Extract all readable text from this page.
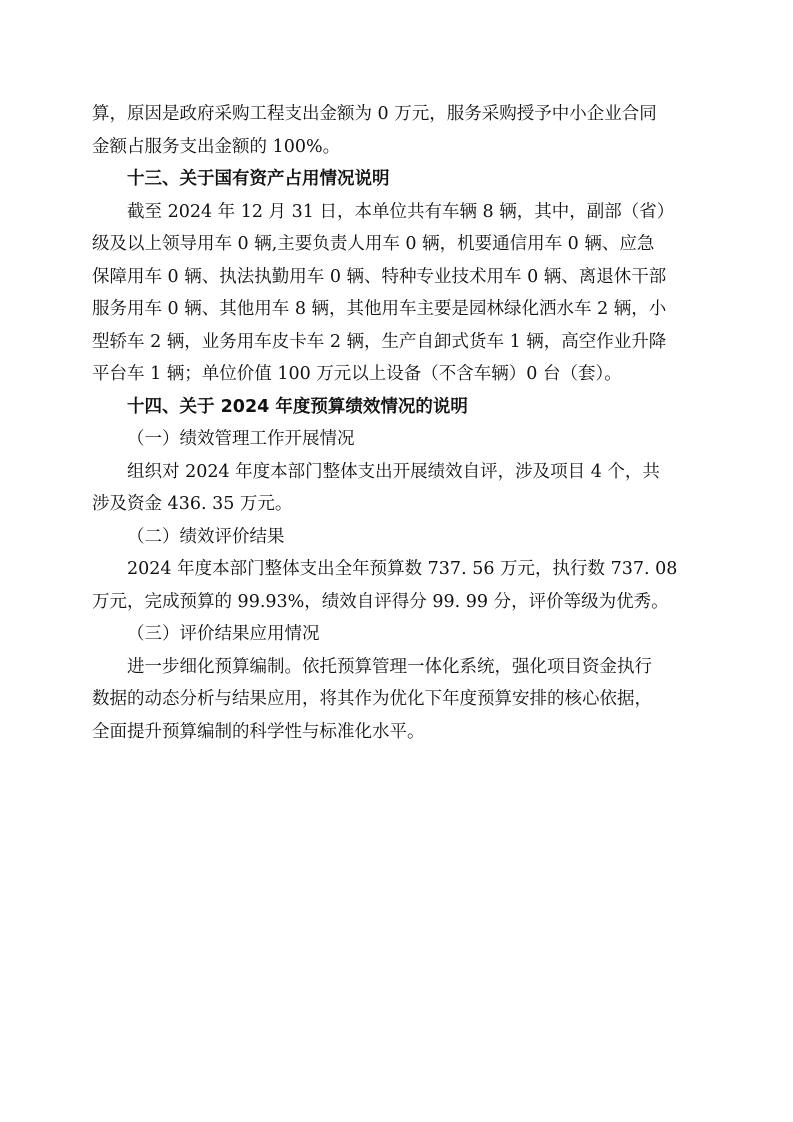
算，原因是政府采购工程支出金额为 0 万元，服务采购授予中小企业合同
金额占服务支出金额的 100%。

十三、关于国有资产占用情况说明

截至 2024 年 12 月 31 日，本单位共有车辆 8 辆，其中，副部（省）
级及以上领导用车 0 辆,主要负责人用车 0 辆，机要通信用车 0 辆、应急
保障用车 0 辆、执法执勤用车 0 辆、特种专业技术用车 0 辆、离退休干部
服务用车 0 辆、其他用车 8 辆，其他用车主要是园林绿化洒水车 2 辆，小
型轿车 2 辆，业务用车皮卡车 2 辆，生产自卸式货车 1 辆，高空作业升降
平台车 1 辆；单位价值 100 万元以上设备（不含车辆）0 台（套）。

十四、关于 2024 年度预算绩效情况的说明
（一）绩效管理工作开展情况

组织对 2024 年度本部门整体支出开展绩效自评，涉及项目 4 个，共
涉及资金 436. 35 万元。

（二）绩效评价结果

2024 年度本部门整体支出全年预算数 737. 56 万元，执行数 737. 08
万元，完成预算的 99.93%，绩效自评得分 99. 99 分，评价等级为优秀。

（三）评价结果应用情况

进一步细化预算编制。依托预算管理一体化系统，强化项目资金执行
数据的动态分析与结果应用，将其作为优化下年度预算安排的核心依据，
全面提升预算编制的科学性与标准化水平。
